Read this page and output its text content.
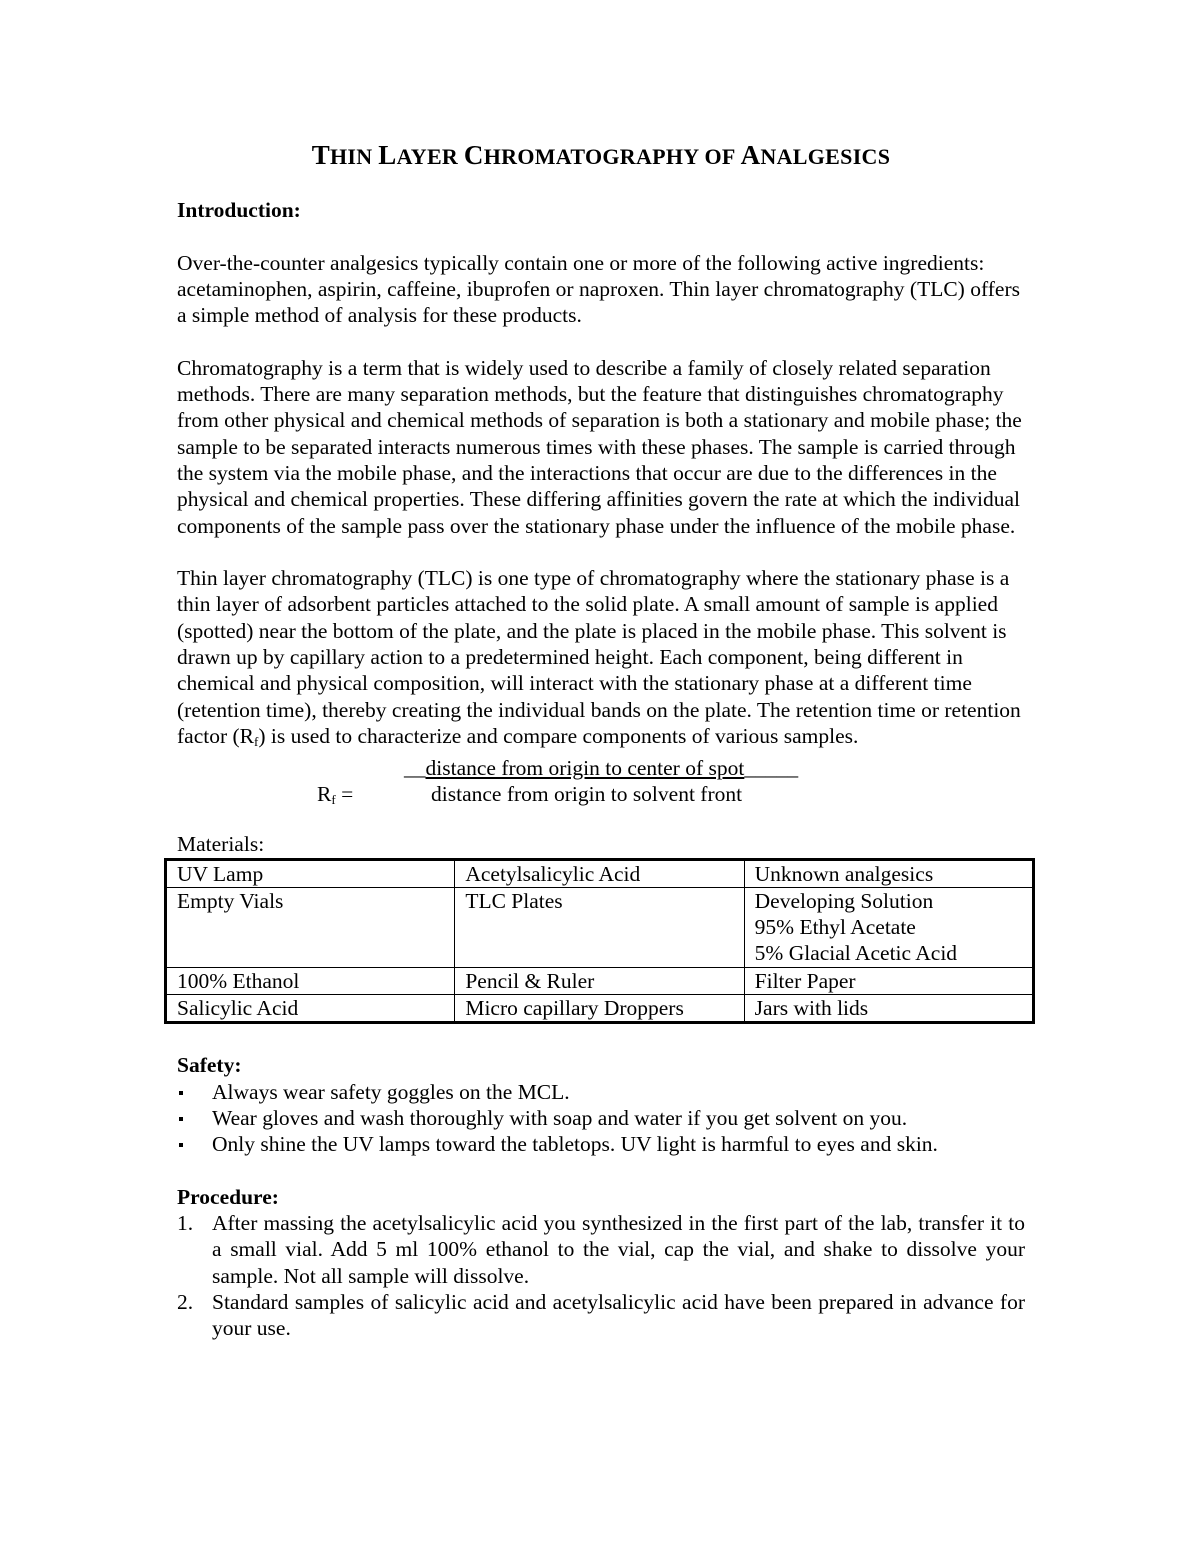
THIN LAYER CHROMATOGRAPHY OF ANALGESICS
Introduction:

Over-the-counter analgesics typically contain one or more of the following active ingredients: acetaminophen, aspirin, caffeine, ibuprofen or naproxen. Thin layer chromatography (TLC) offers a simple method of analysis for these products.

Chromatography is a term that is widely used to describe a family of closely related separation methods. There are many separation methods, but the feature that distinguishes chromatography from other physical and chemical methods of separation is both a stationary and mobile phase; the sample to be separated interacts numerous times with these phases. The sample is carried through the system via the mobile phase, and the interactions that occur are due to the differences in the physical and chemical properties. These differing affinities govern the rate at which the individual components of the sample pass over the stationary phase under the influence of the mobile phase.

Thin layer chromatography (TLC) is one type of chromatography where the stationary phase is a thin layer of adsorbent particles attached to the solid plate. A small amount of sample is applied (spotted) near the bottom of the plate, and the plate is placed in the mobile phase. This solvent is drawn up by capillary action to a predetermined height. Each component, being different in chemical and physical composition, will interact with the stationary phase at a different time (retention time), thereby creating the individual bands on the plate. The retention time or retention factor $(R_f)$ is used to characterize and compare components of various samples.

__distance from origin to center of spot_____
$R_f$ =	distance from origin to solvent front

Materials:

UV Lamp	Acetylsalicylic Acid	Unknown analgesics
Empty Vials	TLC Plates	Developing Solution
95% Ethyl Acetate
5% Glacial Acetic Acid

100% Ethanol	Pencil & Ruler	Filter Paper
Salicylic Acid	Micro capillary Droppers	Jars with lids
Safety:
Always wear safety goggles on the MCL.
Wear gloves and wash thoroughly with soap and water if you get solvent on you.
Only shine the UV lamps toward the tabletops. UV light is harmful to eyes and skin.
Procedure:
1. After massing the acetylsalicylic acid you synthesized in the first part of the lab, transfer it to a small vial. Add 5 ml 100% ethanol to the vial, cap the vial, and shake to dissolve your sample. Not all sample will dissolve.
2. Standard samples of salicylic acid and acetylsalicylic acid have been prepared in advance for your use.
